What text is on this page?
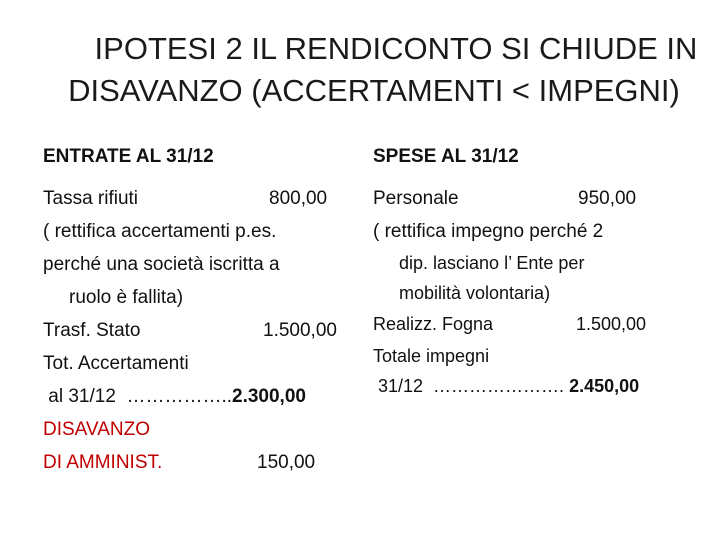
IPOTESI 2 IL RENDICONTO SI CHIUDE IN
DISAVANZO (ACCERTAMENTI < IMPEGNI)
ENTRATE AL 31/12
Tassa rifiuti	800,00
( rettifica accertamenti p.es.
perché una società iscritta a
ruolo è fallita)
Trasf. Stato	1.500,00
Tot. Accertamenti
al 31/12  ……………..2.300,00
DISAVANZO
DI AMMINIST.	150,00
SPESE AL 31/12
Personale	950,00
( rettifica impegno perché 2
dip. lasciano l’ Ente per
mobilità volontaria)
Realizz. Fogna	1.500,00
Totale impegni
31/12  …………………. 2.450,00
